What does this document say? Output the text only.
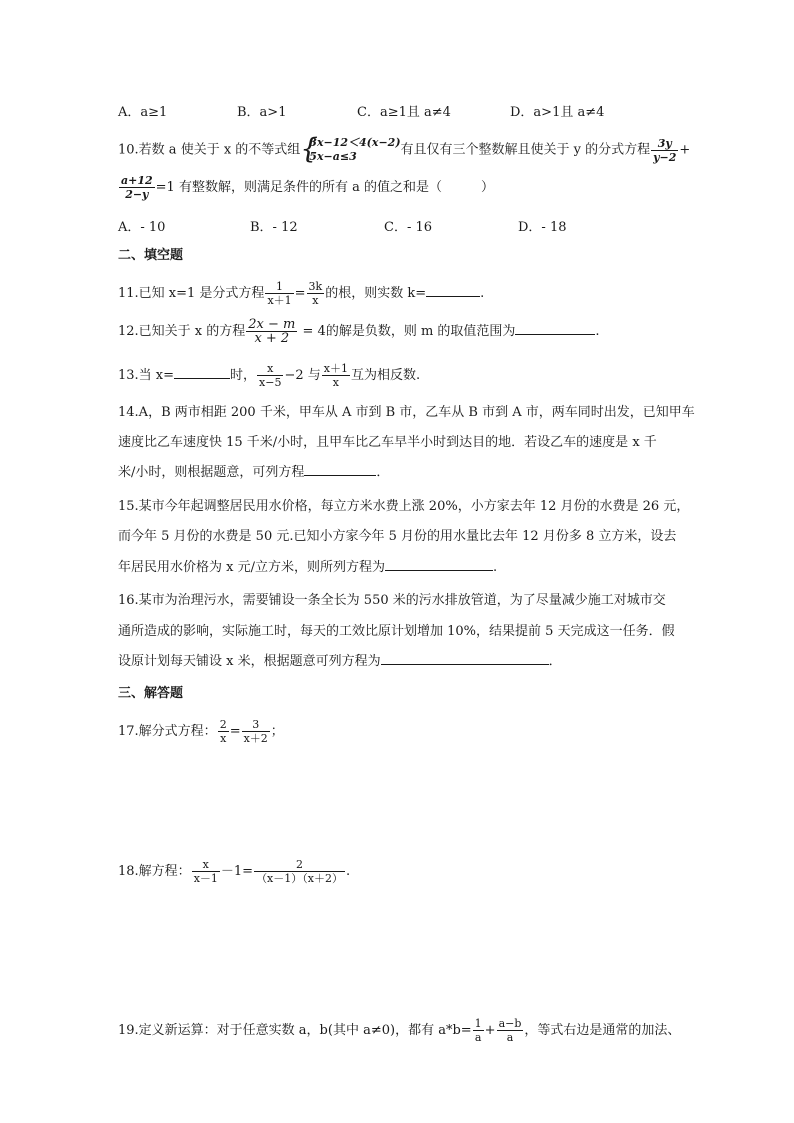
A．a≥1	B．a>1	C．a≥1且 a≠4	D．a>1且 a≠4
10.若数 a 使关于 x 的不等式组 {
3x−12＜4(x−2)
5x−a≤3	有且仅有三个整数解且使关于 y 的分式方程 $\frac{3y}{y-2}$ +
$\frac{a+12}{2-y} =1$ 有整数解，则满足条件的所有 a 的值之和是（　　　）
A．- 10	B．- 12	C．- 16	D．- 18
二、填空题
11.已知 x=1 是分式方程 $\frac{1}{x+1} = \frac{3k}{x}$ 的根，则实数 k=	.
12.已知关于 x 的方程 $\frac{2x - m}{x + 2} = 4$的解是负数，则 m 的取值范围为	.
13.当 x=	时， $\frac{x}{x-5} -2$ 与 $\frac{x+1}{x}$ 互为相反数.
14.A，B 两市相距 200 千米，甲车从 A 市到 B 市，乙车从 B 市到 A 市，两车同时出发，已知甲车
速度比乙车速度快 15 千米/小时，且甲车比乙车早半小时到达目的地．若设乙车的速度是 x 千
米/小时，则根据题意，可列方程	．
15.某市今年起调整居民用水价格，每立方米水费上涨 20%，小方家去年 12 月份的水费是 26 元，
而今年 5 月份的水费是 50 元.已知小方家今年 5 月份的用水量比去年 12 月份多 8 立方米，设去
年居民用水价格为 x 元/立方米，则所列方程为	.
16.某市为治理污水，需要铺设一条全长为 550 米的污水排放管道，为了尽量减少施工对城市交
通所造成的影响，实际施工时，每天的工效比原计划增加 10%，结果提前 5 天完成这一任务．假
设原计划每天铺设 x 米，根据题意可列方程为	．
三、解答题
17.解分式方程： $\frac{2}{x} = \frac{3}{x+2}$ ；
18.解方程： $\frac{x}{x-1} -1= \frac{2}{(x-1)(x+2)}$ .
19.定义新运算：对于任意实数 a，b(其中 a≠0)，都有 $a*b= \frac{1}{a} + \frac{a-b}{a}$ ，等式右边是通常的加法、
